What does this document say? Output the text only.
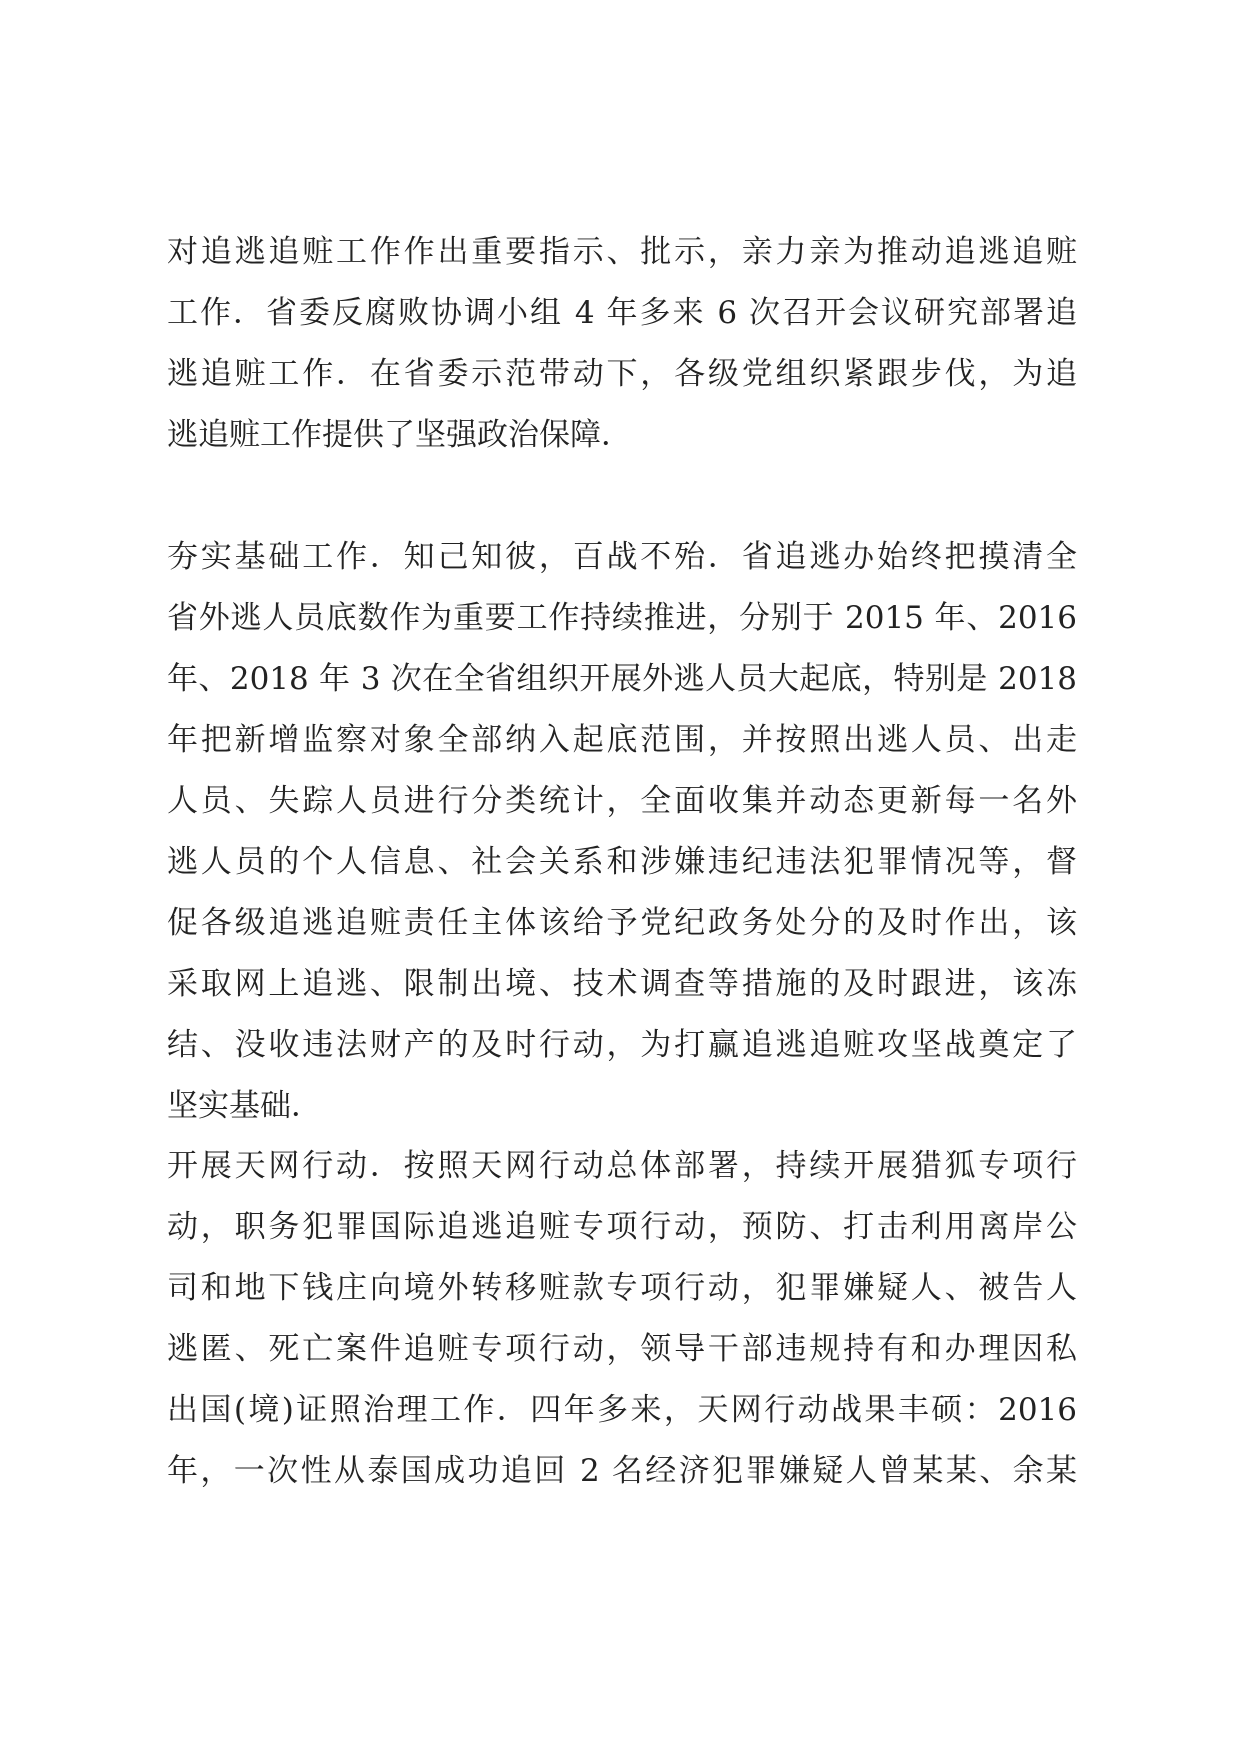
对追逃追赃工作作出重要指示、批示，亲力亲为推动追逃追赃
工作．省委反腐败协调小组 4 年多来 6 次召开会议研究部署追
逃追赃工作．在省委示范带动下，各级党组织紧跟步伐，为追
逃追赃工作提供了坚强政治保障．
夯实基础工作．知己知彼，百战不殆．省追逃办始终把摸清全
省外逃人员底数作为重要工作持续推进，分别于 2015 年、2016
年、2018 年 3 次在全省组织开展外逃人员大起底，特别是 2018
年把新增监察对象全部纳入起底范围，并按照出逃人员、出走
人员、失踪人员进行分类统计，全面收集并动态更新每一名外
逃人员的个人信息、社会关系和涉嫌违纪违法犯罪情况等，督
促各级追逃追赃责任主体该给予党纪政务处分的及时作出，该
采取网上追逃、限制出境、技术调查等措施的及时跟进，该冻
结、没收违法财产的及时行动，为打赢追逃追赃攻坚战奠定了
坚实基础．
开展天网行动．按照天网行动总体部署，持续开展猎狐专项行
动，职务犯罪国际追逃追赃专项行动，预防、打击利用离岸公
司和地下钱庄向境外转移赃款专项行动，犯罪嫌疑人、被告人
逃匿、死亡案件追赃专项行动，领导干部违规持有和办理因私
出国(境)证照治理工作．四年多来，天网行动战果丰硕：2016
年，一次性从泰国成功追回 2 名经济犯罪嫌疑人曾某某、余某
